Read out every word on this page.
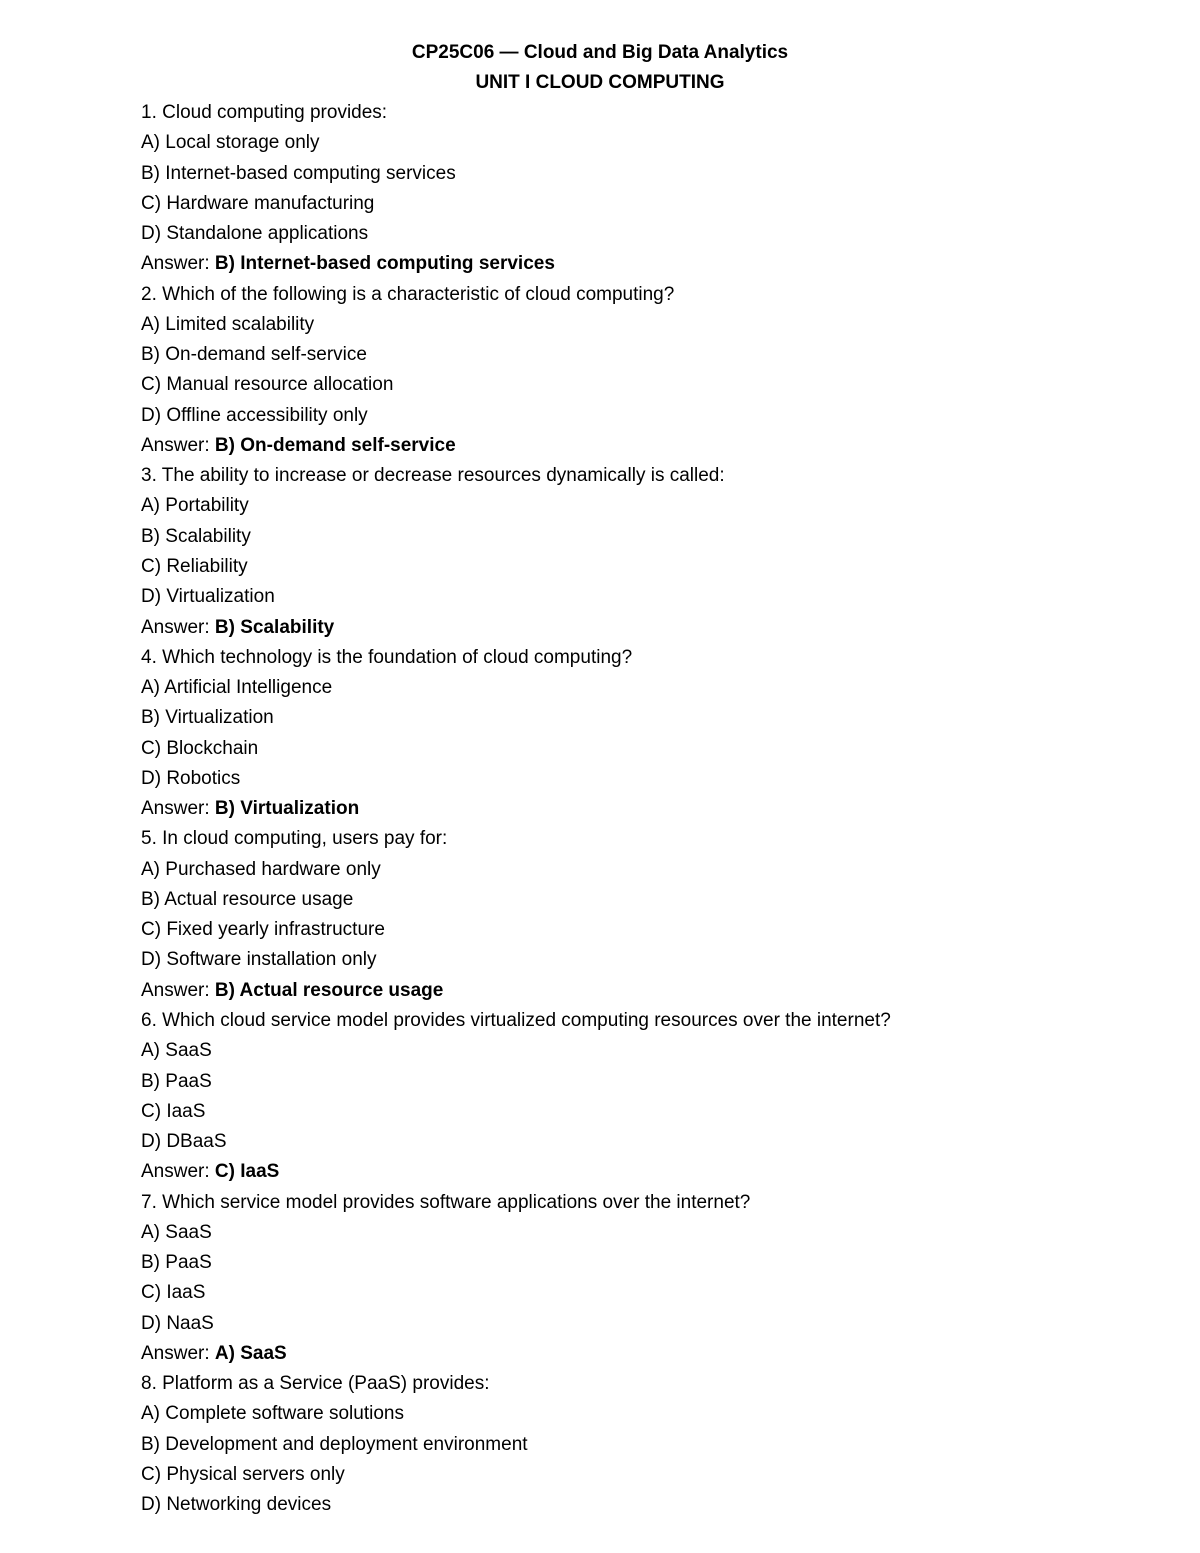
CP25C06 — Cloud and Big Data Analytics
UNIT I CLOUD COMPUTING
1. Cloud computing provides:
A) Local storage only
B) Internet-based computing services
C) Hardware manufacturing
D) Standalone applications
Answer: B) Internet-based computing services
2. Which of the following is a characteristic of cloud computing?
A) Limited scalability
B) On-demand self-service
C) Manual resource allocation
D) Offline accessibility only
Answer: B) On-demand self-service
3. The ability to increase or decrease resources dynamically is called:
A) Portability
B) Scalability
C) Reliability
D) Virtualization
Answer: B) Scalability
4. Which technology is the foundation of cloud computing?
A) Artificial Intelligence
B) Virtualization
C) Blockchain
D) Robotics
Answer: B) Virtualization
5. In cloud computing, users pay for:
A) Purchased hardware only
B) Actual resource usage
C) Fixed yearly infrastructure
D) Software installation only
Answer: B) Actual resource usage
6. Which cloud service model provides virtualized computing resources over the internet?
A) SaaS
B) PaaS
C) IaaS
D) DBaaS
Answer: C) IaaS
7. Which service model provides software applications over the internet?
A) SaaS
B) PaaS
C) IaaS
D) NaaS
Answer: A) SaaS
8. Platform as a Service (PaaS) provides:
A) Complete software solutions
B) Development and deployment environment
C) Physical servers only
D) Networking devices
